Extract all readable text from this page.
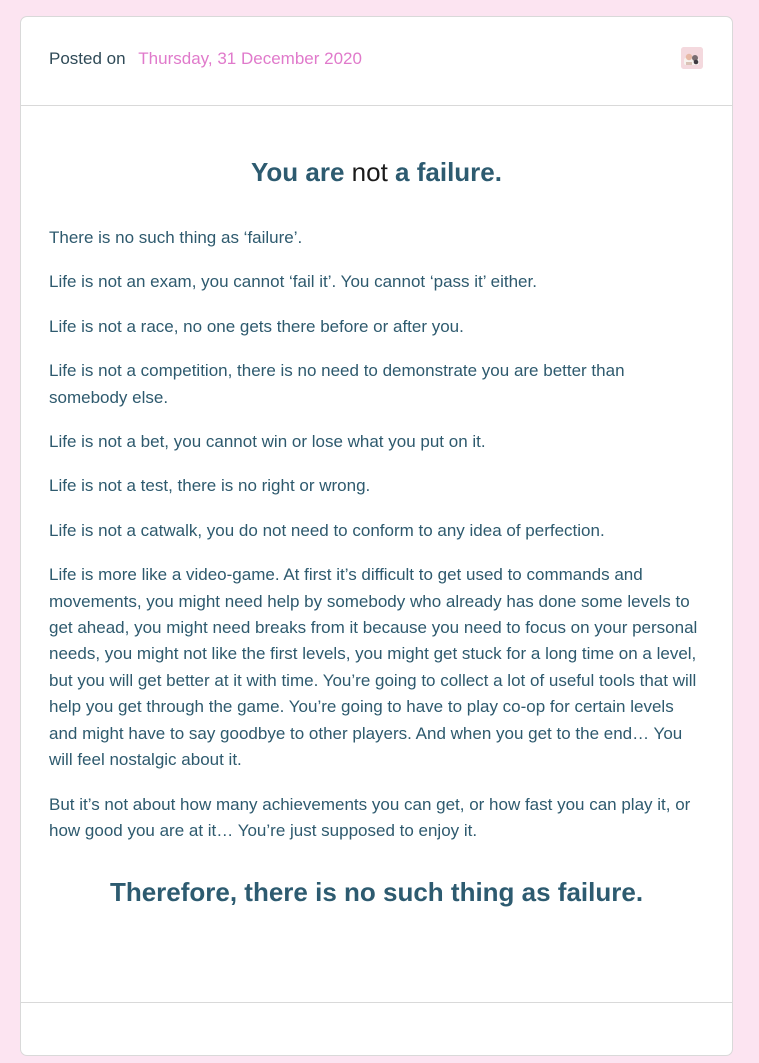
Posted on Thursday, 31 December 2020
You are not a failure.

There is no such thing as ‘failure’.

Life is not an exam, you cannot ‘fail it’. You cannot ‘pass it’ either.

Life is not a race, no one gets there before or after you.

Life is not a competition, there is no need to demonstrate you are better than somebody else.

Life is not a bet, you cannot win or lose what you put on it.

Life is not a test, there is no right or wrong.

Life is not a catwalk, you do not need to conform to any idea of perfection.

Life is more like a video-game. At first it’s difficult to get used to commands and movements, you might need help by somebody who already has done some levels to get ahead, you might need breaks from it because you need to focus on your personal needs, you might not like the first levels, you might get stuck for a long time on a level, but you will get better at it with time. You’re going to collect a lot of useful tools that will help you get through the game. You’re going to have to play co-op for certain levels and might have to say goodbye to other players. And when you get to the end… You will feel nostalgic about it.

But it’s not about how many achievements you can get, or how fast you can play it, or how good you are at it… You’re just supposed to enjoy it.

Therefore, there is no such thing as failure.
